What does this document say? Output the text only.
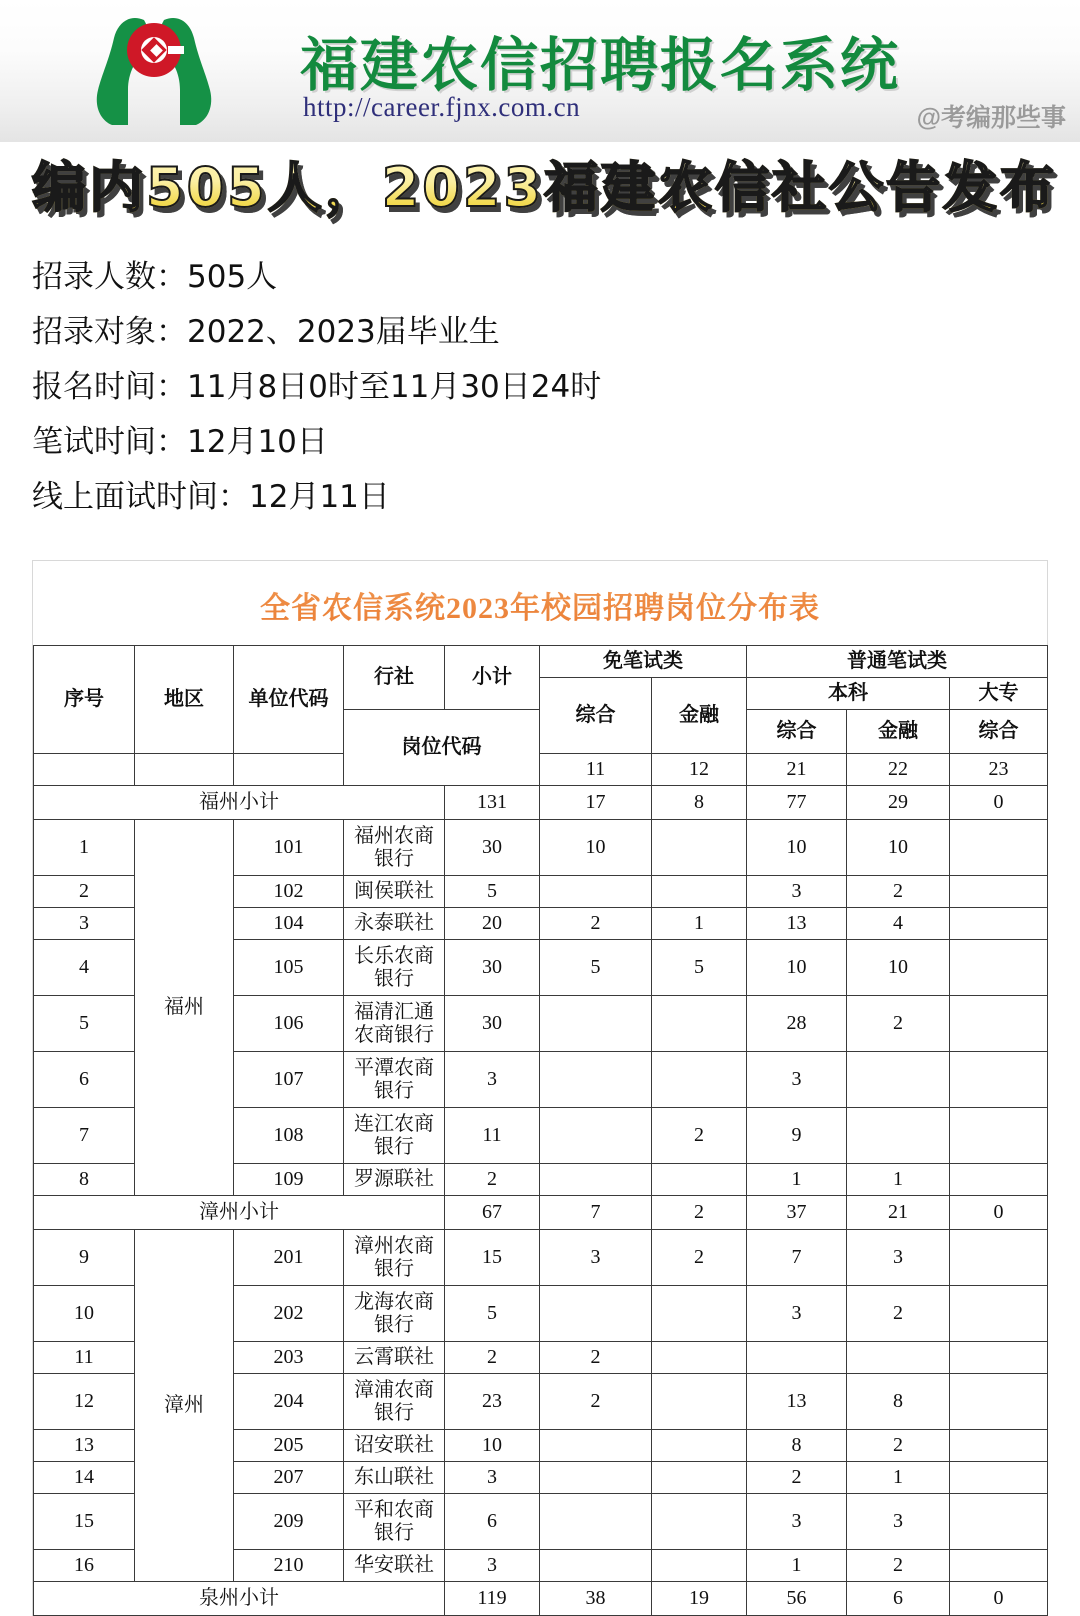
福建农信招聘报名系统
http://career.fjnx.com.cn	@考编那些事
编内505人，2023福建农信社公告发布
招录人数：505人
招录对象：2022、2023届毕业生
报名时间：11月8日0时至11月30日24时
笔试时间：12月10日
线上面试时间：12月11日
全省农信系统2023年校园招聘岗位分布表
序号	地区	单位代码	行社	小计	免笔试类		普通笔试类		
					综合	金融	本科		大专
			岗位代码				综合	金融	综合
					11	12	21	22	23
福州小计				131	17	8	77	29	0
1	福州	101	福州农商银行	30	10		10	10	
2		102	闽侯联社	5			3	2	
3		104	永泰联社	20	2	1	13	4	
4		105	长乐农商银行	30	5	5	10	10	
5		106	福清汇通农商银行	30			28	2	
6		107	平潭农商银行	3			3		
7		108	连江农商银行	11		2	9		
8		109	罗源联社	2			1	1	
漳州小计				67	7	2	37	21	0
9	漳州	201	漳州农商银行	15	3	2	7	3	
10		202	龙海农商银行	5			3	2	
11		203	云霄联社	2	2				
12		204	漳浦农商银行	23	2		13	8	
13		205	诏安联社	10			8	2	
14		207	东山联社	3			2	1	
15		209	平和农商银行	6			3	3	
16		210	华安联社	3			1	2	
泉州小计				119	38	19	56	6	0
